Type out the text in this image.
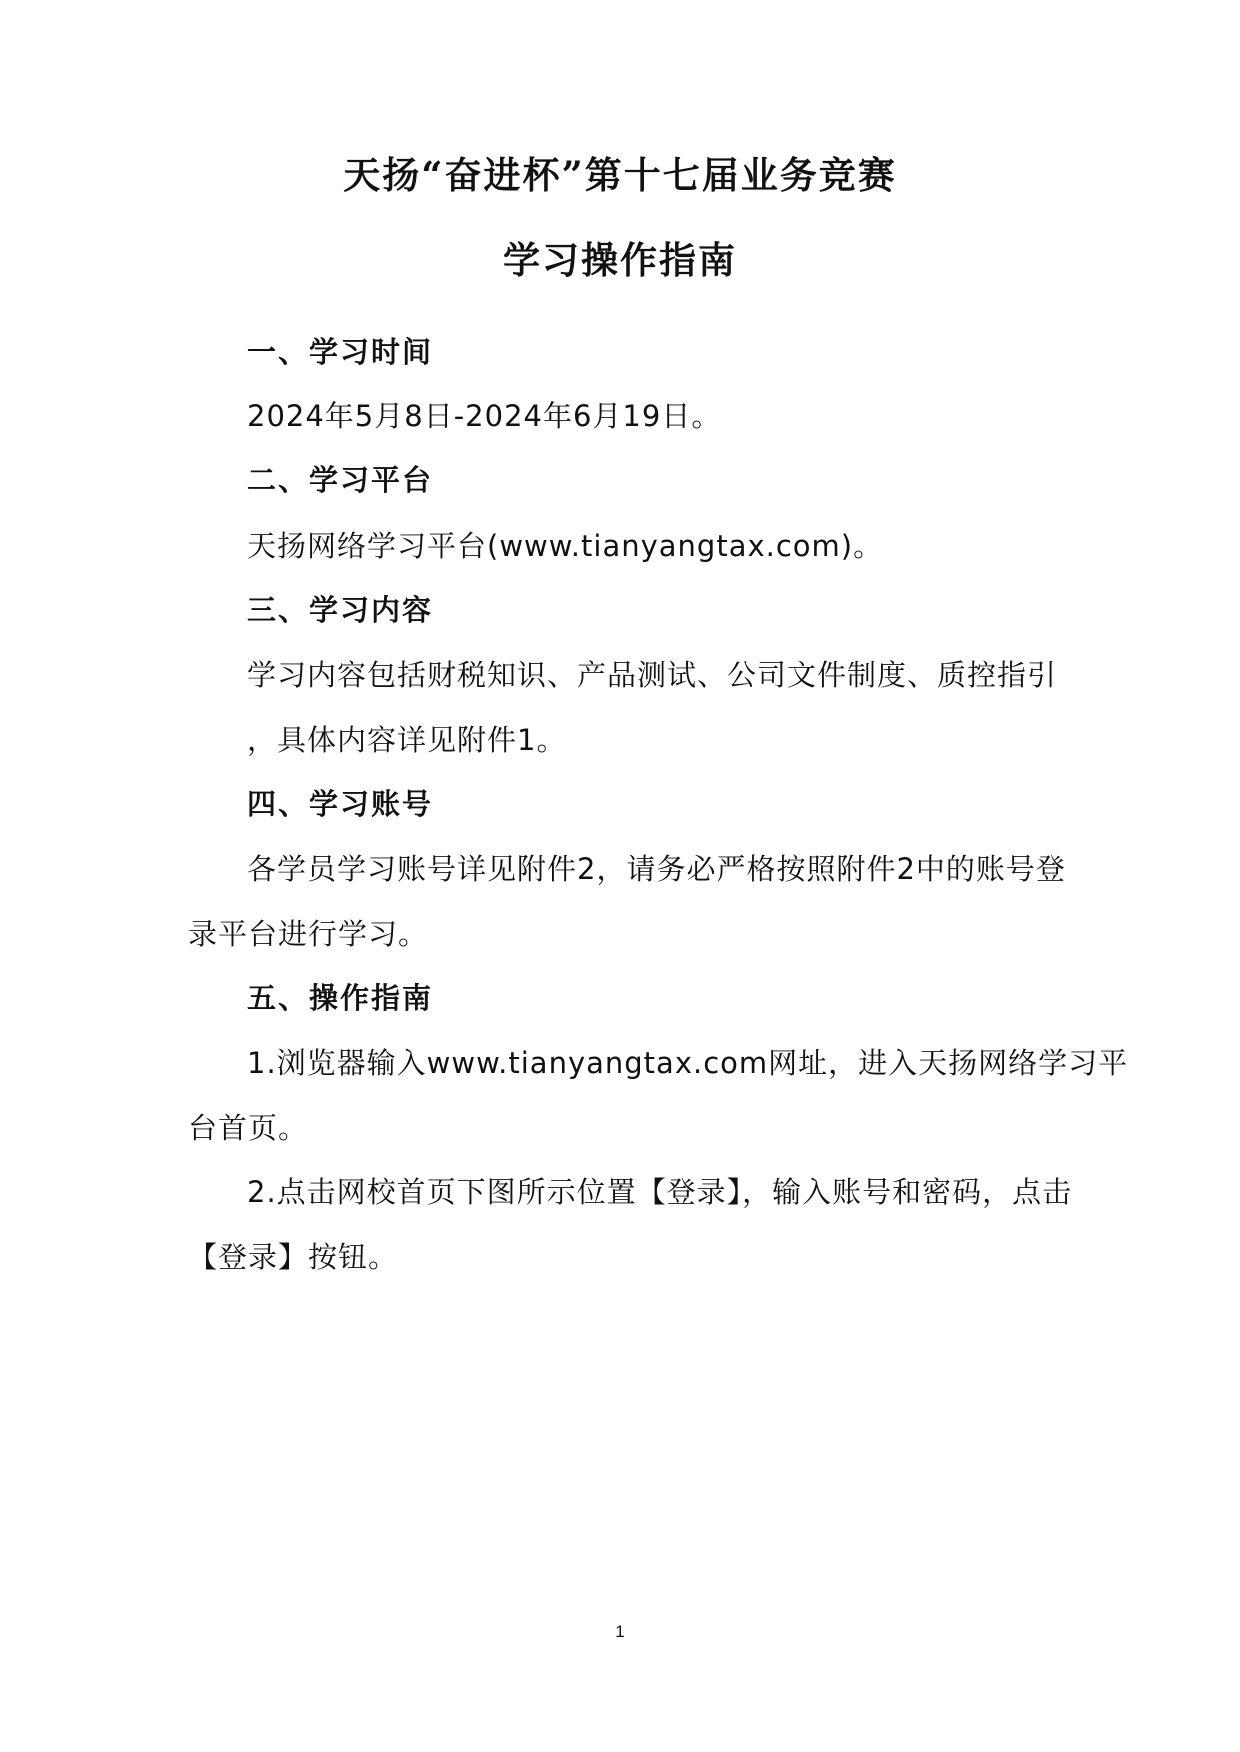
天扬“奋进杯”第十七届业务竞赛
学习操作指南
一、学习时间
2024年5月8日-2024年6月19日。
二、学习平台
天扬网络学习平台(www.tianyangtax.com)。
三、学习内容
学习内容包括财税知识、产品测试、公司文件制度、质控指引
，具体内容详见附件1。
四、学习账号
各学员学习账号详见附件2，请务必严格按照附件2中的账号登
录平台进行学习。
五、操作指南
1.浏览器输入www.tianyangtax.com网址，进入天扬网络学习平
台首页。
2.点击网校首页下图所示位置【登录】，输入账号和密码，点击
【登录】按钮。
1
